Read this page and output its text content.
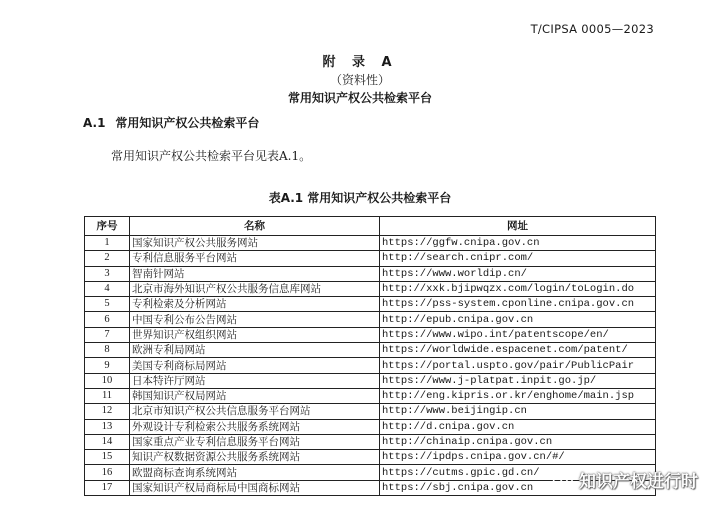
T/CIPSA 0005—2023
附 录 A
（资料性）
常用知识产权公共检索平台
A.1 常用知识产权公共检索平台
常用知识产权公共检索平台见表A.1。
表A.1 常用知识产权公共检索平台
序号	名称	网址
1	国家知识产权公共服务网站	https://ggfw.cnipa.gov.cn
2	专利信息服务平台网站	http://search.cnipr.com/
3	智南针网站	https://www.worldip.cn/
4	北京市海外知识产权公共服务信息库网站	http://xxk.bjipwqzx.com/login/toLogin.do
5	专利检索及分析网站	https://pss-system.cponline.cnipa.gov.cn
6	中国专利公布公告网站	http://epub.cnipa.gov.cn
7	世界知识产权组织网站	https://www.wipo.int/patentscope/en/
8	欧洲专利局网站	https://worldwide.espacenet.com/patent/
9	美国专利商标局网站	https://portal.uspto.gov/pair/PublicPair
10	日本特许厅网站	https://www.j-platpat.inpit.go.jp/
11	韩国知识产权局网站	http://eng.kipris.or.kr/enghome/main.jsp
12	北京市知识产权公共信息服务平台网站	http://www.beijingip.cn
13	外观设计专利检索公共服务系统网站	http://d.cnipa.gov.cn
14	国家重点产业专利信息服务平台网站	http://chinaip.cnipa.gov.cn
15	知识产权数据资源公共服务系统网站	https://ipdps.cnipa.gov.cn/#/
16	欧盟商标查询系统网站	https://cutms.gpic.gd.cn/
17	国家知识产权局商标局中国商标网站	https://sbj.cnipa.gov.cn	知识产权进行时
